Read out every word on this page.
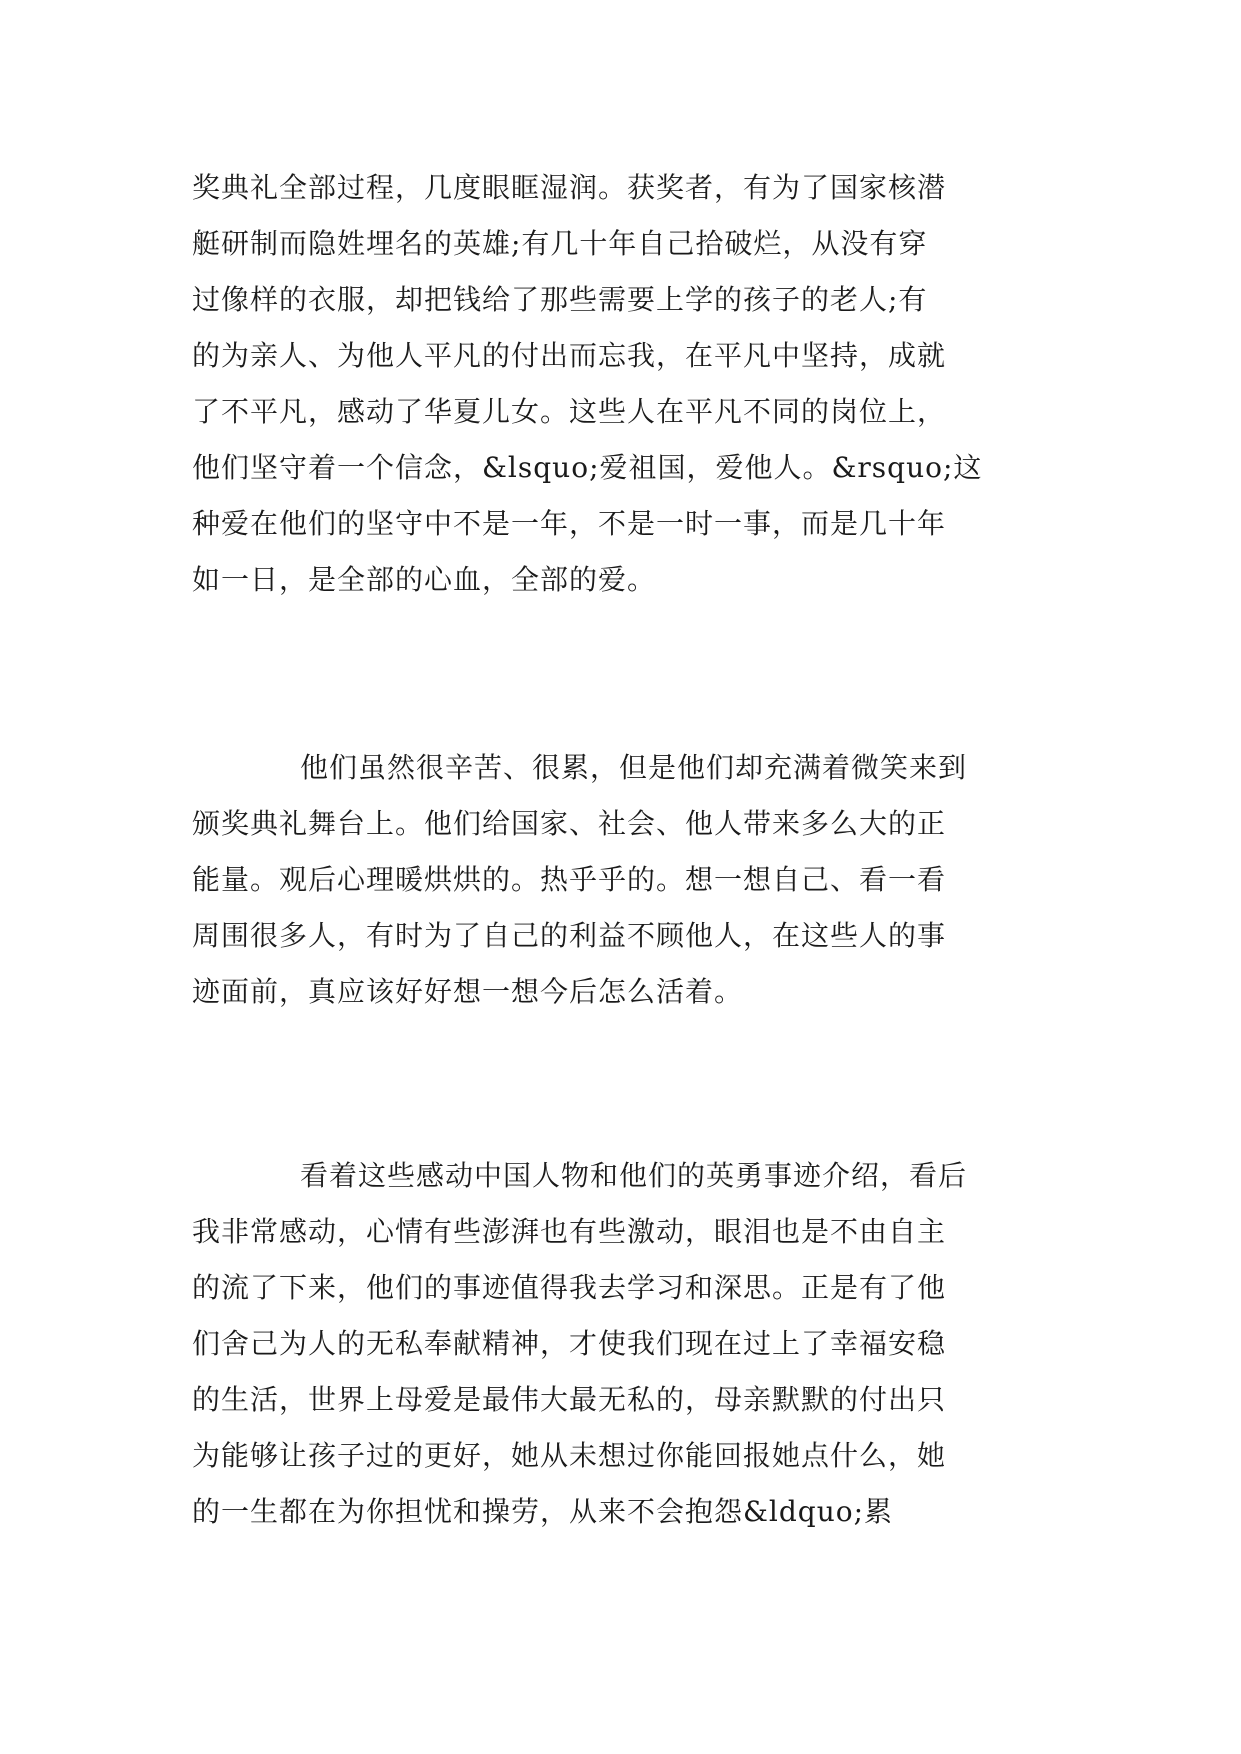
奖典礼全部过程，几度眼眶湿润。获奖者，有为了国家核潜
艇研制而隐姓埋名的英雄;有几十年自己拾破烂，从没有穿
过像样的衣服，却把钱给了那些需要上学的孩子的老人;有
的为亲人、为他人平凡的付出而忘我，在平凡中坚持，成就
了不平凡，感动了华夏儿女。这些人在平凡不同的岗位上，
他们坚守着一个信念，&lsquo;爱祖国，爱他人。&rsquo;这
种爱在他们的坚守中不是一年，不是一时一事，而是几十年
如一日，是全部的心血，全部的爱。
他们虽然很辛苦、很累，但是他们却充满着微笑来到
颁奖典礼舞台上。他们给国家、社会、他人带来多么大的正
能量。观后心理暖烘烘的。热乎乎的。想一想自己、看一看
周围很多人，有时为了自己的利益不顾他人，在这些人的事
迹面前，真应该好好想一想今后怎么活着。
看着这些感动中国人物和他们的英勇事迹介绍，看后
我非常感动，心情有些澎湃也有些激动，眼泪也是不由自主
的流了下来，他们的事迹值得我去学习和深思。正是有了他
们舍己为人的无私奉献精神，才使我们现在过上了幸福安稳
的生活，世界上母爱是最伟大最无私的，母亲默默的付出只
为能够让孩子过的更好，她从未想过你能回报她点什么，她
的一生都在为你担忧和操劳，从来不会抱怨&ldquo;累
